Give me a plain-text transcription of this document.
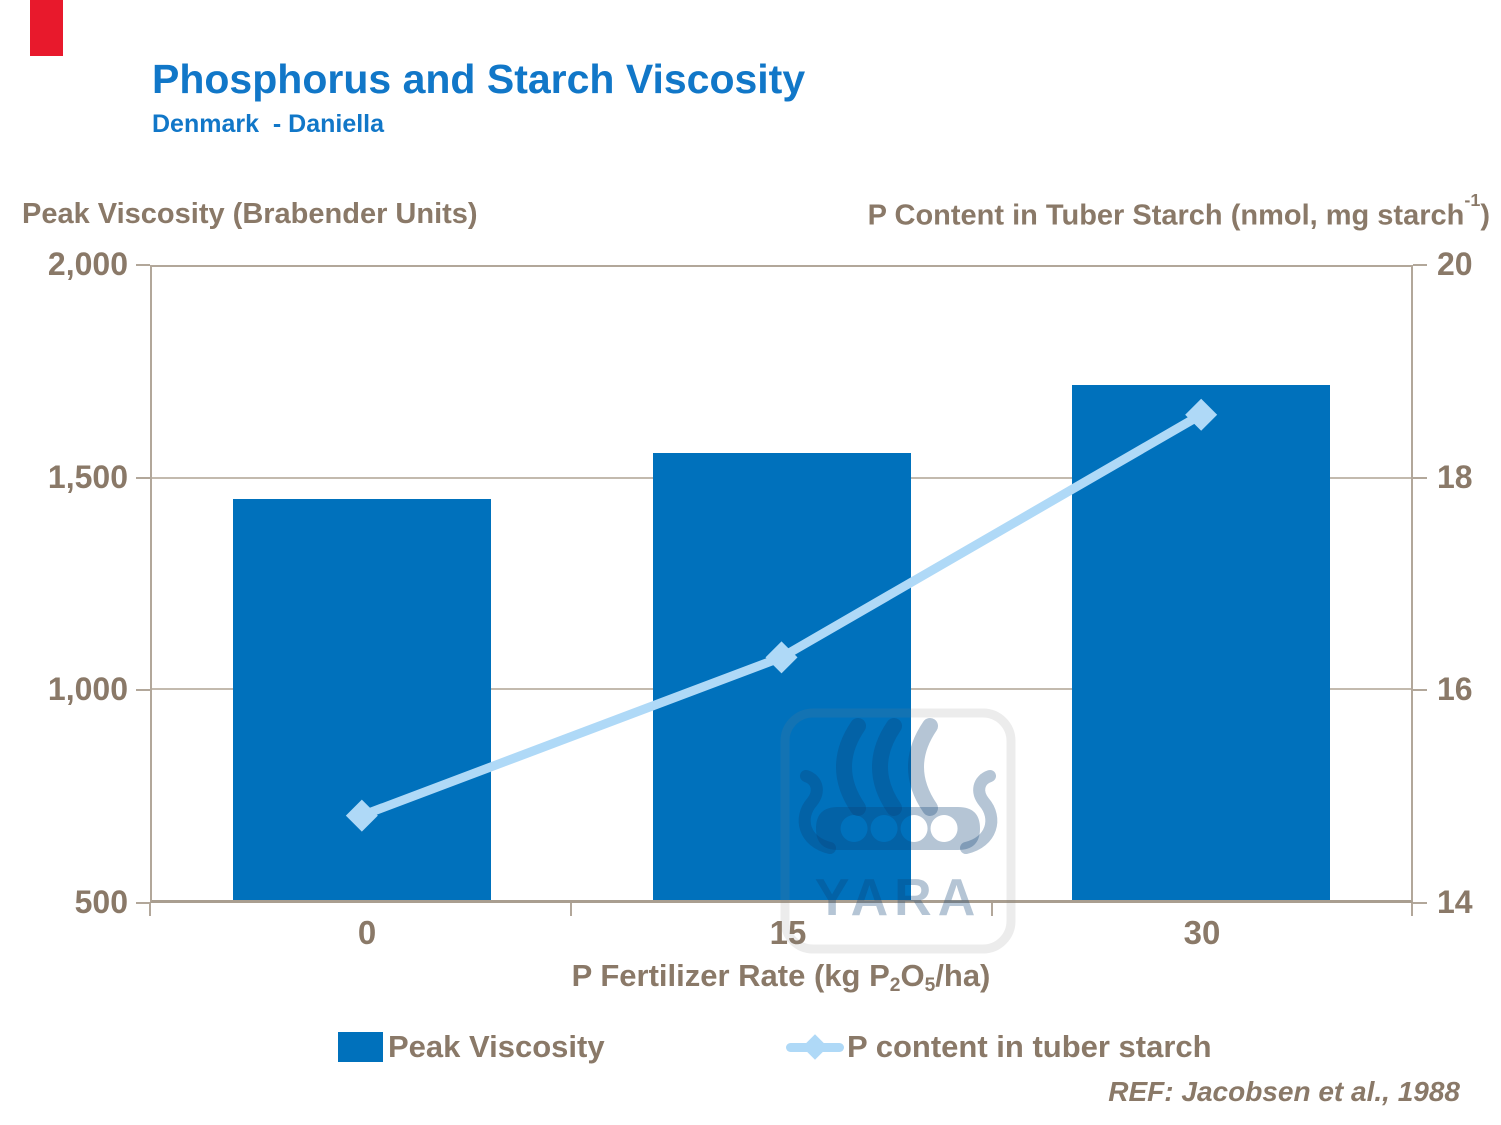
Phosphorus and Starch Viscosity
Denmark  - Daniella
Peak Viscosity (Brabender Units)	P Content in Tuber Starch (nmol, mg starch$^{-1}$)
YARA
2,000
1,500
1,000
500
20
18
16
14
0	15	30
P Fertilizer Rate (kg $P_2O_5/ha$)
Peak Viscosity	P content in tuber starch
REF: Jacobsen et al., 1988
